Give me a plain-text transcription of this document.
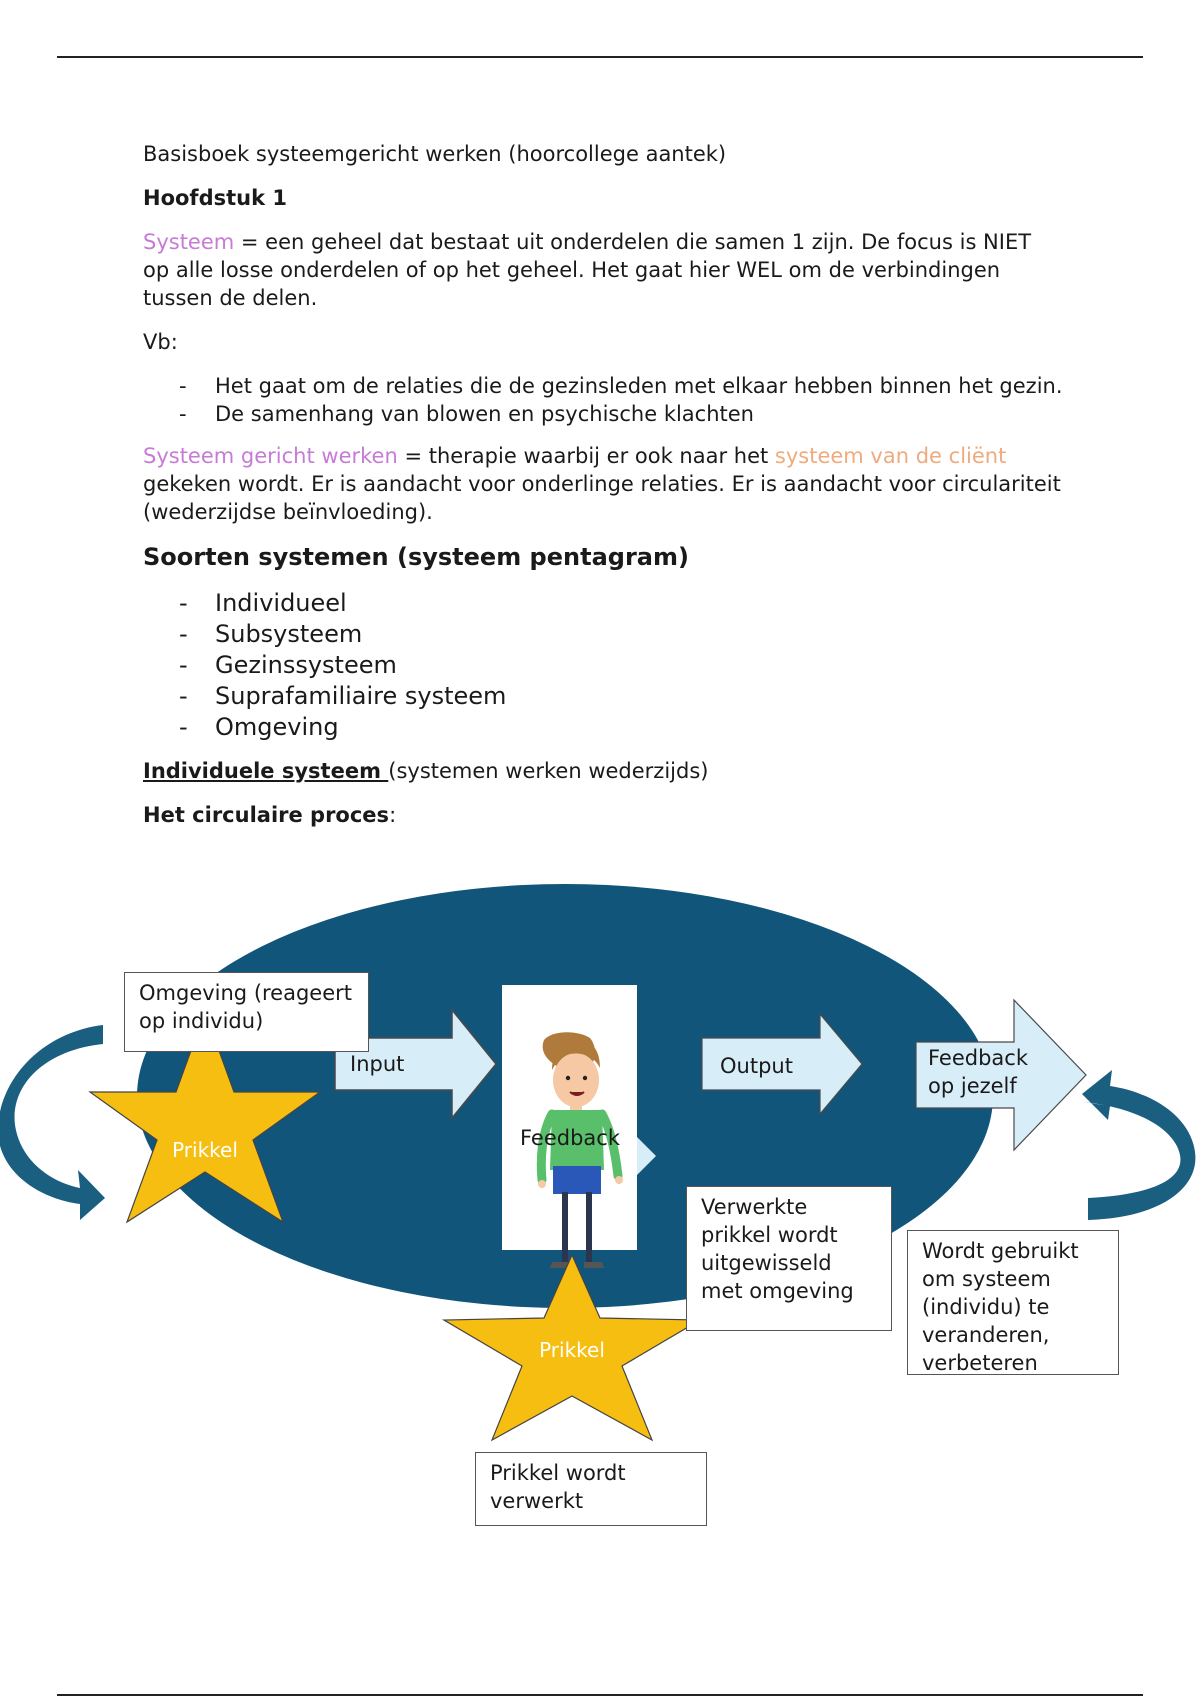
Basisboek systeemgericht werken (hoorcollege aantek)

Hoofdstuk 1

Systeem = een geheel dat bestaat uit onderdelen die samen 1 zijn. De focus is NIET op alle losse onderdelen of op het geheel. Het gaat hier WEL om de verbindingen tussen de delen.

Vb:

- Het gaat om de relaties die de gezinsleden met elkaar hebben binnen het gezin.
- De samenhang van blowen en psychische klachten

Systeem gericht werken = therapie waarbij er ook naar het systeem van de cliënt gekeken wordt. Er is aandacht voor onderlinge relaties. Er is aandacht voor circulariteit (wederzijdse beïnvloeding).

Soorten systemen (systeem pentagram)

- Individueel
- Subsysteem
- Gezinssysteem
- Suprafamiliaire systeem
- Omgeving

Individuele systeem (systemen werken wederzijds)

Het circulaire proces:

Omgeving (reageert op individu)
Input
Feedback
Output	Feedback op jezelf
Prikkel
Prikkel
Verwerkte prikkel wordt uitgewisseld met omgeving
Wordt gebruikt om systeem (individu) te veranderen, verbeteren
Prikkel wordt verwerkt
